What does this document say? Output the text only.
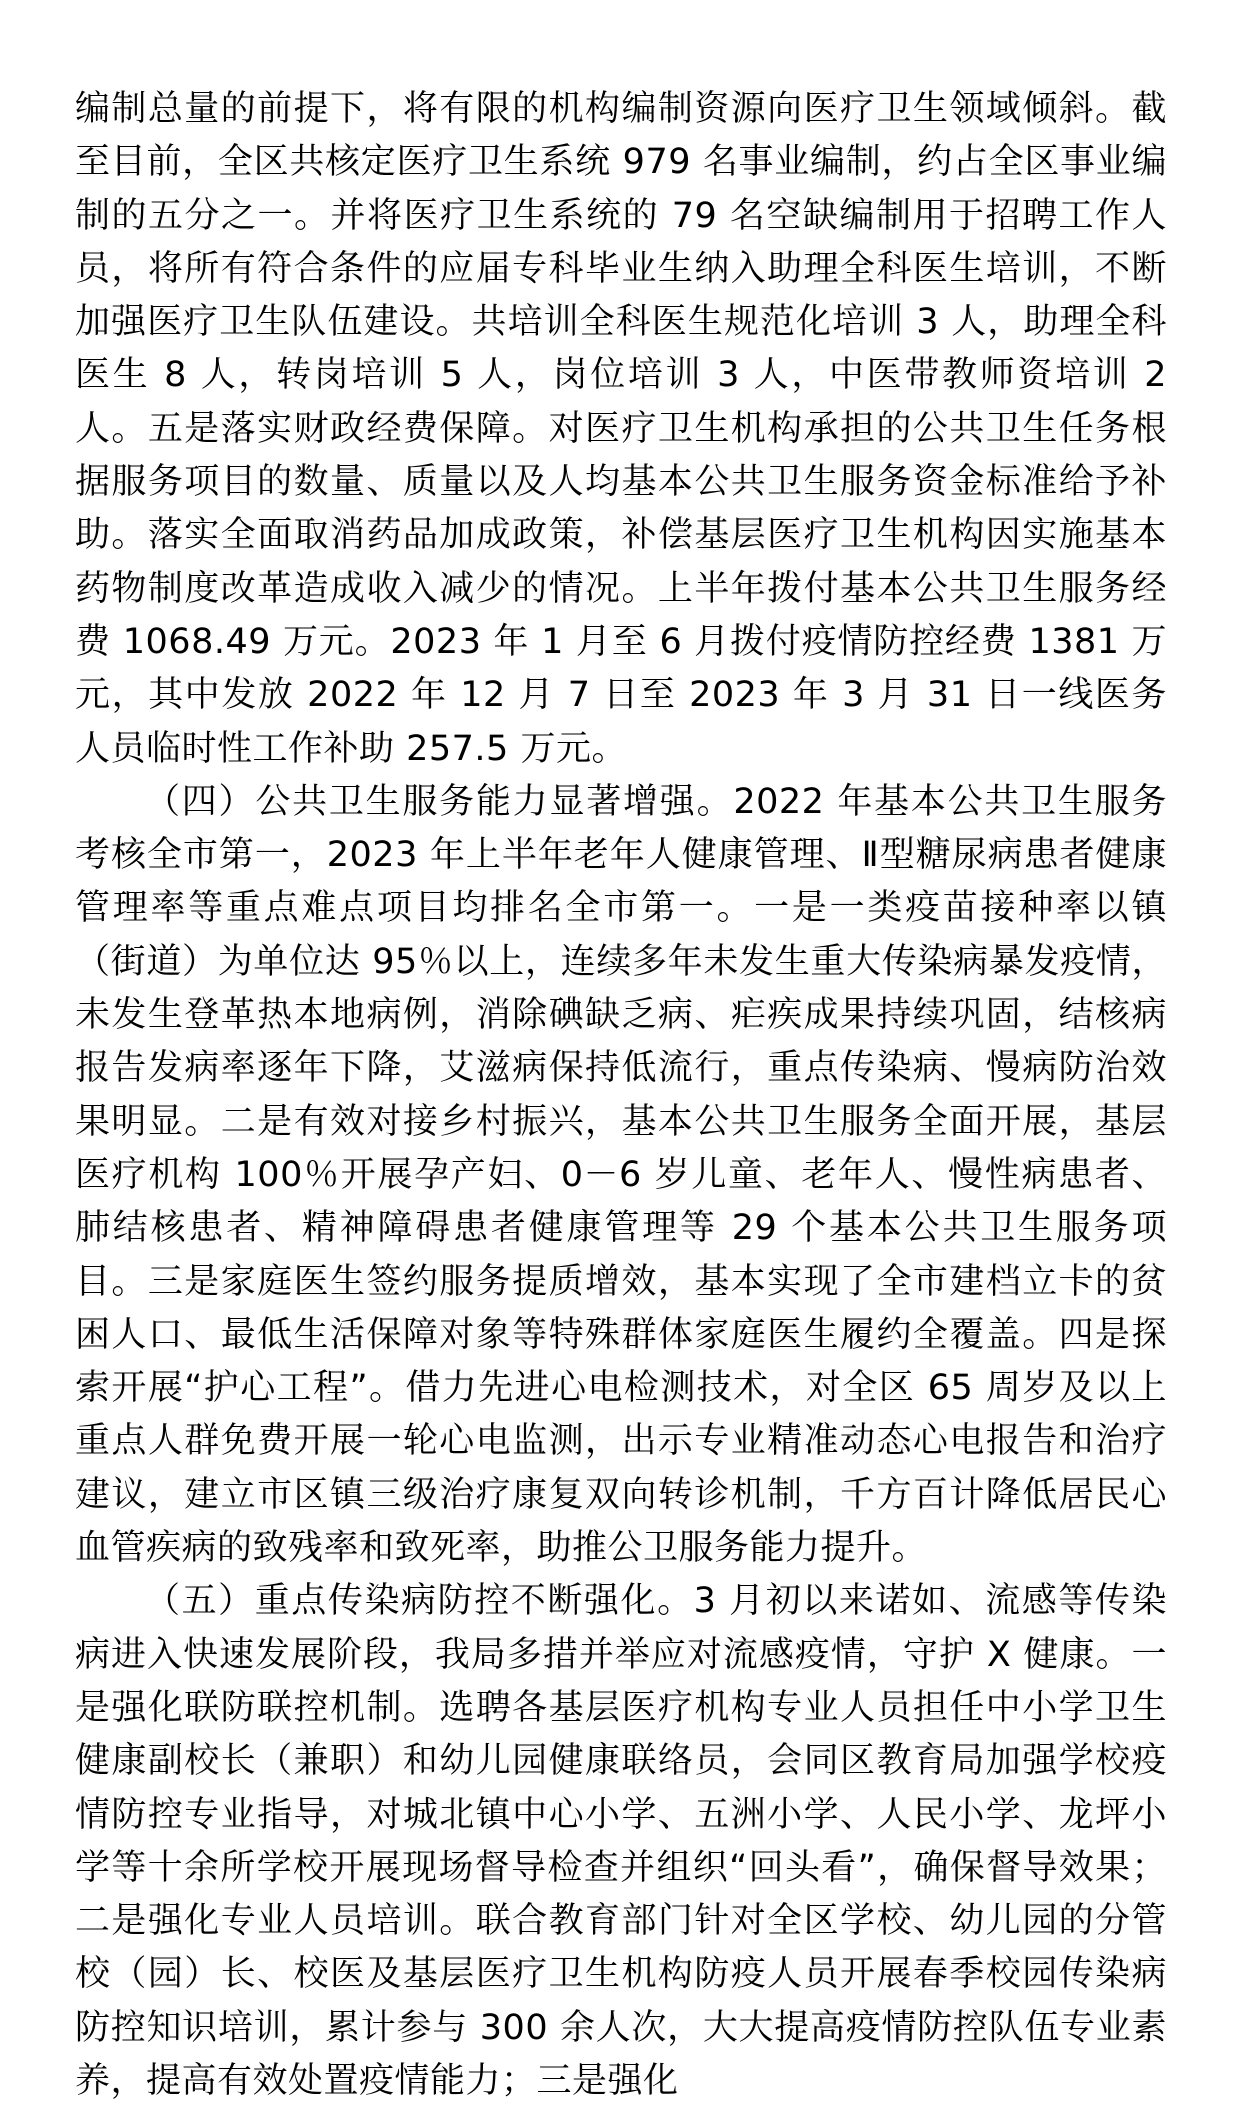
编制总量的前提下，将有限的机构编制资源向医疗卫生领域倾斜。截至目前，全区共核定医疗卫生系统 979 名事业编制，约占全区事业编制的五分之一。并将医疗卫生系统的 79 名空缺编制用于招聘工作人员，将所有符合条件的应届专科毕业生纳入助理全科医生培训，不断加强医疗卫生队伍建设。共培训全科医生规范化培训 3 人，助理全科医生 8 人，转岗培训 5 人，岗位培训 3 人，中医带教师资培训 2 人。五是落实财政经费保障。对医疗卫生机构承担的公共卫生任务根据服务项目的数量、质量以及人均基本公共卫生服务资金标准给予补助。落实全面取消药品加成政策，补偿基层医疗卫生机构因实施基本药物制度改革造成收入减少的情况。上半年拨付基本公共卫生服务经费 1068.49 万元。2023 年 1 月至 6 月拨付疫情防控经费 1381 万元，其中发放 2022 年 12 月 7 日至 2023 年 3 月 31 日一线医务人员临时性工作补助 257.5 万元。

（四）公共卫生服务能力显著增强。2022 年基本公共卫生服务考核全市第一，2023 年上半年老年人健康管理、Ⅱ型糖尿病患者健康管理率等重点难点项目均排名全市第一。一是一类疫苗接种率以镇（街道）为单位达 95％以上，连续多年未发生重大传染病暴发疫情，未发生登革热本地病例，消除碘缺乏病、疟疾成果持续巩固，结核病报告发病率逐年下降，艾滋病保持低流行，重点传染病、慢病防治效果明显。二是有效对接乡村振兴，基本公共卫生服务全面开展，基层医疗机构 100％开展孕产妇、0－6 岁儿童、老年人、慢性病患者、肺结核患者、精神障碍患者健康管理等 29 个基本公共卫生服务项目。三是家庭医生签约服务提质增效，基本实现了全市建档立卡的贫困人口、最低生活保障对象等特殊群体家庭医生履约全覆盖。四是探索开展“护心工程”。借力先进心电检测技术，对全区 65 周岁及以上重点人群免费开展一轮心电监测，出示专业精准动态心电报告和治疗建议，建立市区镇三级治疗康复双向转诊机制，千方百计降低居民心血管疾病的致残率和致死率，助推公卫服务能力提升。

（五）重点传染病防控不断强化。3 月初以来诺如、流感等传染病进入快速发展阶段，我局多措并举应对流感疫情，守护 X 健康。一是强化联防联控机制。选聘各基层医疗机构专业人员担任中小学卫生健康副校长（兼职）和幼儿园健康联络员，会同区教育局加强学校疫情防控专业指导，对城北镇中心小学、五洲小学、人民小学、龙坪小学等十余所学校开展现场督导检查并组织“回头看”，确保督导效果；二是强化专业人员培训。联合教育部门针对全区学校、幼儿园的分管校（园）长、校医及基层医疗卫生机构防疫人员开展春季校园传染病防控知识培训，累计参与 300 余人次，大大提高疫情防控队伍专业素养，提高有效处置疫情能力；三是强化
